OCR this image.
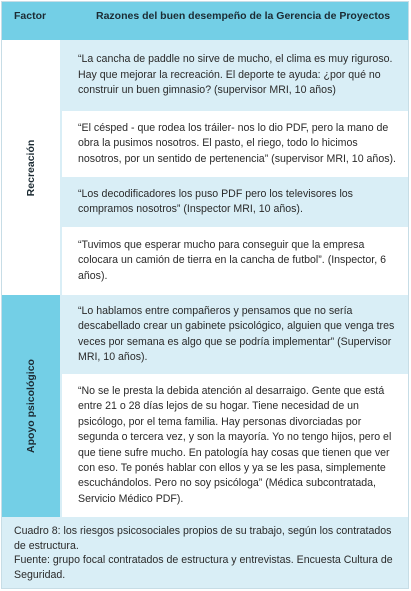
Factor	Razones del buen desempeño de la Gerencia de Proyectos
Recreación
“La cancha de paddle no sirve de mucho, el clima es muy riguroso. Hay que mejorar la recreación. El deporte te ayuda: ¿por qué no construir un buen gimnasio? (supervisor MRI, 10 años)
“El césped - que rodea los tráiler- nos lo dio PDF, pero la mano de obra la pusimos nosotros. El pasto, el riego, todo lo hicimos nosotros, por un sentido de pertenencia” (supervisor MRI, 10 años).
“Los decodificadores los puso PDF pero los televisores los compramos nosotros” (Inspector MRI, 10 años).
“Tuvimos que esperar mucho para conseguir que la empresa colocara un camión de tierra en la cancha de futbol”. (Inspector, 6 años).
Apoyo psicológico
“Lo hablamos entre compañeros y pensamos que no sería descabellado crear un gabinete psicológico, alguien que venga tres veces por semana es algo que se podría implementar” (Supervisor MRI, 10 años).
“No se le presta la debida atención al desarraigo. Gente que está entre 21 o 28 días lejos de su hogar. Tiene necesidad de un psicólogo, por el tema familia. Hay personas divorciadas por segunda o tercera vez, y son la mayoría. Yo no tengo hijos, pero el que tiene sufre mucho. En patología hay cosas que tienen que ver con eso. Te ponés hablar con ellos y ya se les pasa, simplemente escuchándolos. Pero no soy psicóloga” (Médica subcontratada, Servicio Médico PDF).
Cuadro 8: los riesgos psicosociales propios de su trabajo, según los contratados de estructura.
Fuente: grupo focal contratados de estructura y entrevistas. Encuesta Cultura de Seguridad.
